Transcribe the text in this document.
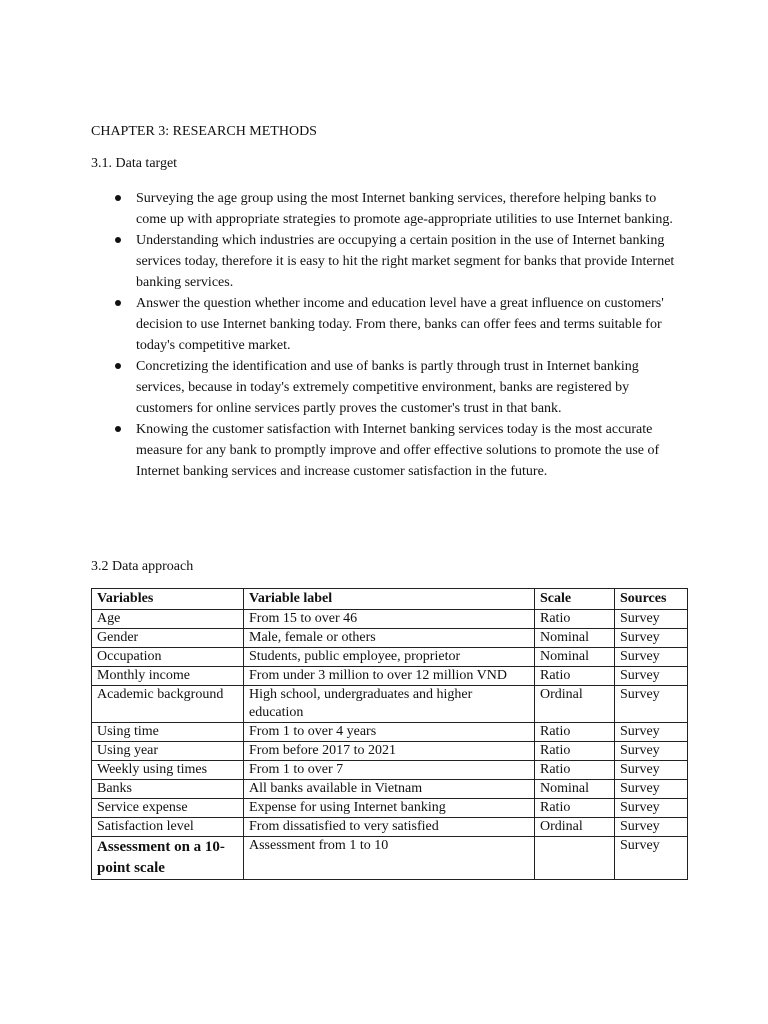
CHAPTER 3: RESEARCH METHODS
3.1. Data target
Surveying the age group using the most Internet banking services, therefore helping banks to come up with appropriate strategies to promote age-appropriate utilities to use Internet banking.
Understanding which industries are occupying a certain position in the use of Internet banking services today, therefore it is easy to hit the right market segment for banks that provide Internet banking services.
Answer the question whether income and education level have a great influence on customers' decision to use Internet banking today. From there, banks can offer fees and terms suitable for today's competitive market.
Concretizing the identification and use of banks is partly through trust in Internet banking services, because in today's extremely competitive environment, banks are registered by customers for online services partly proves the customer's trust in that bank.
Knowing the customer satisfaction with Internet banking services today is the most accurate measure for any bank to promptly improve and offer effective solutions to promote the use of Internet banking services and increase customer satisfaction in the future.
3.2 Data approach
Variables	Variable label	Scale	Sources
Age	From 15 to over 46	Ratio	Survey
Gender	Male, female or others	Nominal	Survey
Occupation	Students, public employee, proprietor	Nominal	Survey
Monthly income	From under 3 million to over 12 million VND	Ratio	Survey
Academic background	High school, undergraduates and higher education	Ordinal	Survey
Using time	From 1 to over 4 years	Ratio	Survey
Using year	From before 2017 to 2021	Ratio	Survey
Weekly using times	From 1 to over 7	Ratio	Survey
Banks	All banks available in Vietnam	Nominal	Survey
Service expense	Expense for using Internet banking	Ratio	Survey
Satisfaction level	From dissatisfied to very satisfied	Ordinal	Survey
Assessment on a 10-point scale	Assessment from 1 to 10		Survey
